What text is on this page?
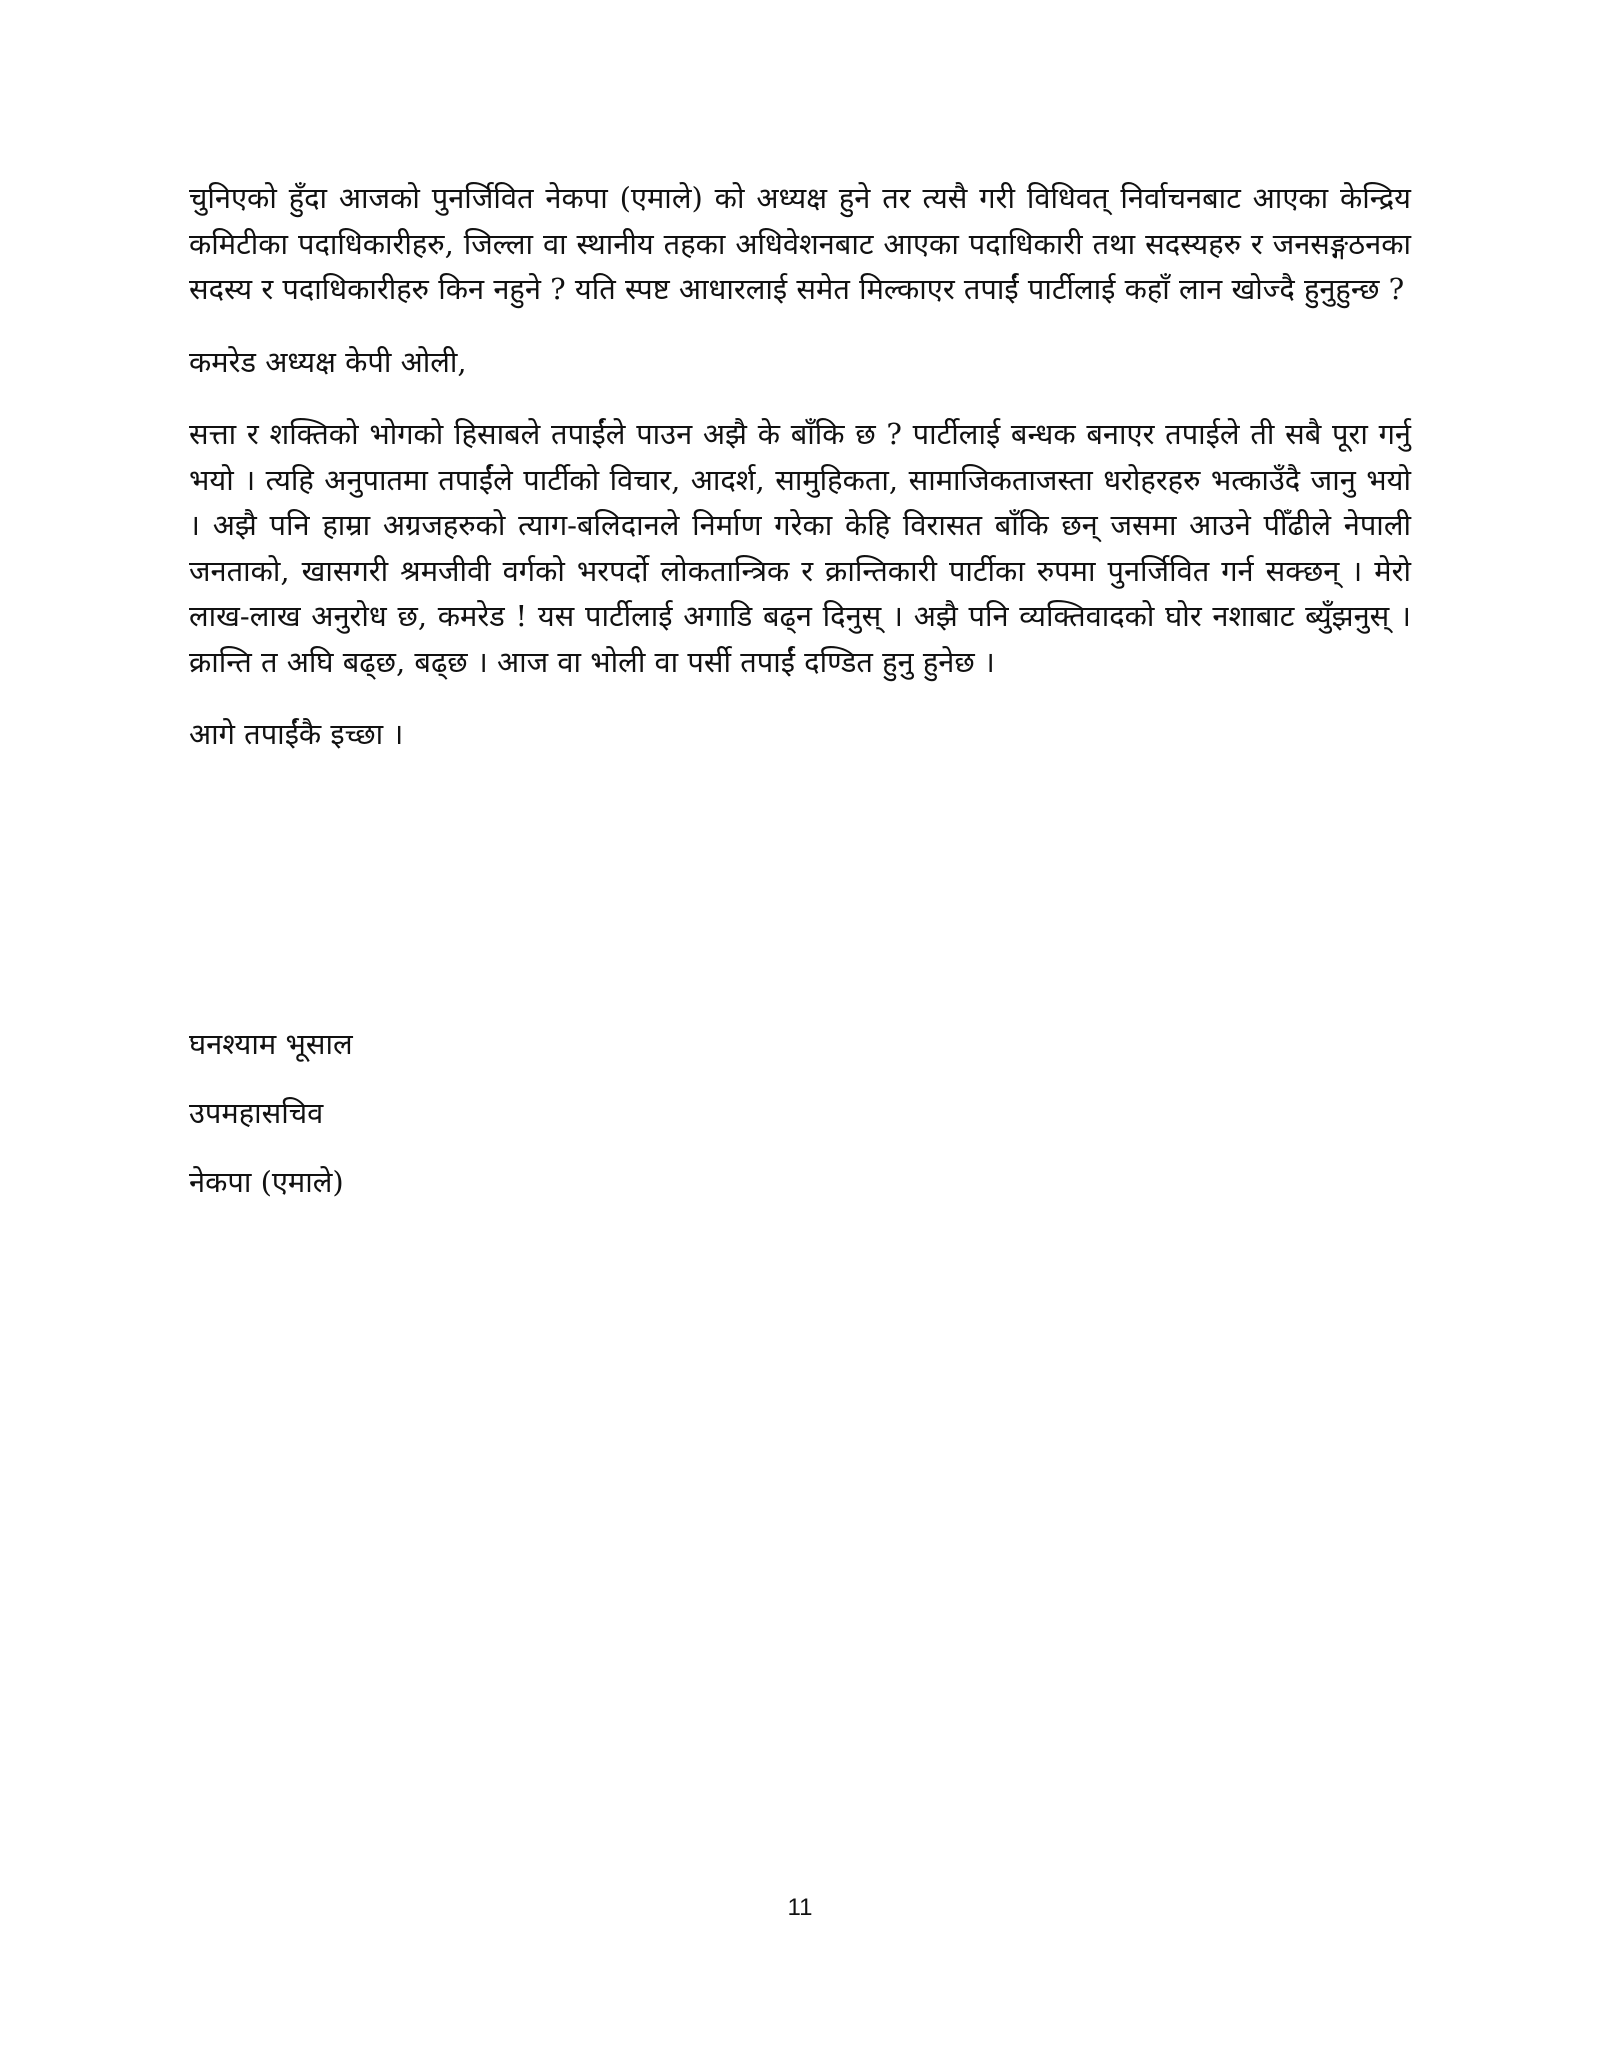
चुनिएको हुँदा आजको पुनर्जिवित नेकपा (एमाले) को अध्यक्ष हुने तर त्यसै गरी विधिवत् निर्वाचनबाट आएका केन्द्रिय कमिटीका पदाधिकारीहरु, जिल्ला वा स्थानीय तहका अधिवेशनबाट आएका पदाधिकारी तथा सदस्यहरु र जनसङ्गठनका सदस्य र पदाधिकारीहरु किन नहुने ? यति स्पष्ट आधारलाई समेत मिल्काएर तपाईं पार्टीलाई कहाँ लान खोज्दै हुनुहुन्छ ?

कमरेड अध्यक्ष केपी ओली,

सत्ता र शक्तिको भोगको हिसाबले तपाईंले पाउन अझै के बाँकि छ ? पार्टीलाई बन्धक बनाएर तपाईले ती सबै पूरा गर्नु भयो । त्यहि अनुपातमा तपाईंले पार्टीको विचार, आदर्श, सामुहिकता, सामाजिकताजस्ता धरोहरहरु भत्काउँदै जानु भयो । अझै पनि हाम्रा अग्रजहरुको त्याग-बलिदानले निर्माण गरेका केहि विरासत बाँकि छन् जसमा आउने पीँढीले नेपाली जनताको, खासगरी श्रमजीवी वर्गको भरपर्दो लोकतान्त्रिक र क्रान्तिकारी पार्टीका रुपमा पुनर्जिवित गर्न सक्छन् । मेरो लाख-लाख अनुरोध छ, कमरेड ! यस पार्टीलाई अगाडि बढ्न दिनुस् । अझै पनि व्यक्तिवादको घोर नशाबाट ब्युँझनुस् । क्रान्ति त अघि बढ्छ, बढ्छ । आज वा भोली वा पर्सी तपाईं दण्डित हुनु हुनेछ ।

आगे तपाईंकै इच्छा ।

घनश्याम भूसाल

उपमहासचिव

नेकपा (एमाले)

11
